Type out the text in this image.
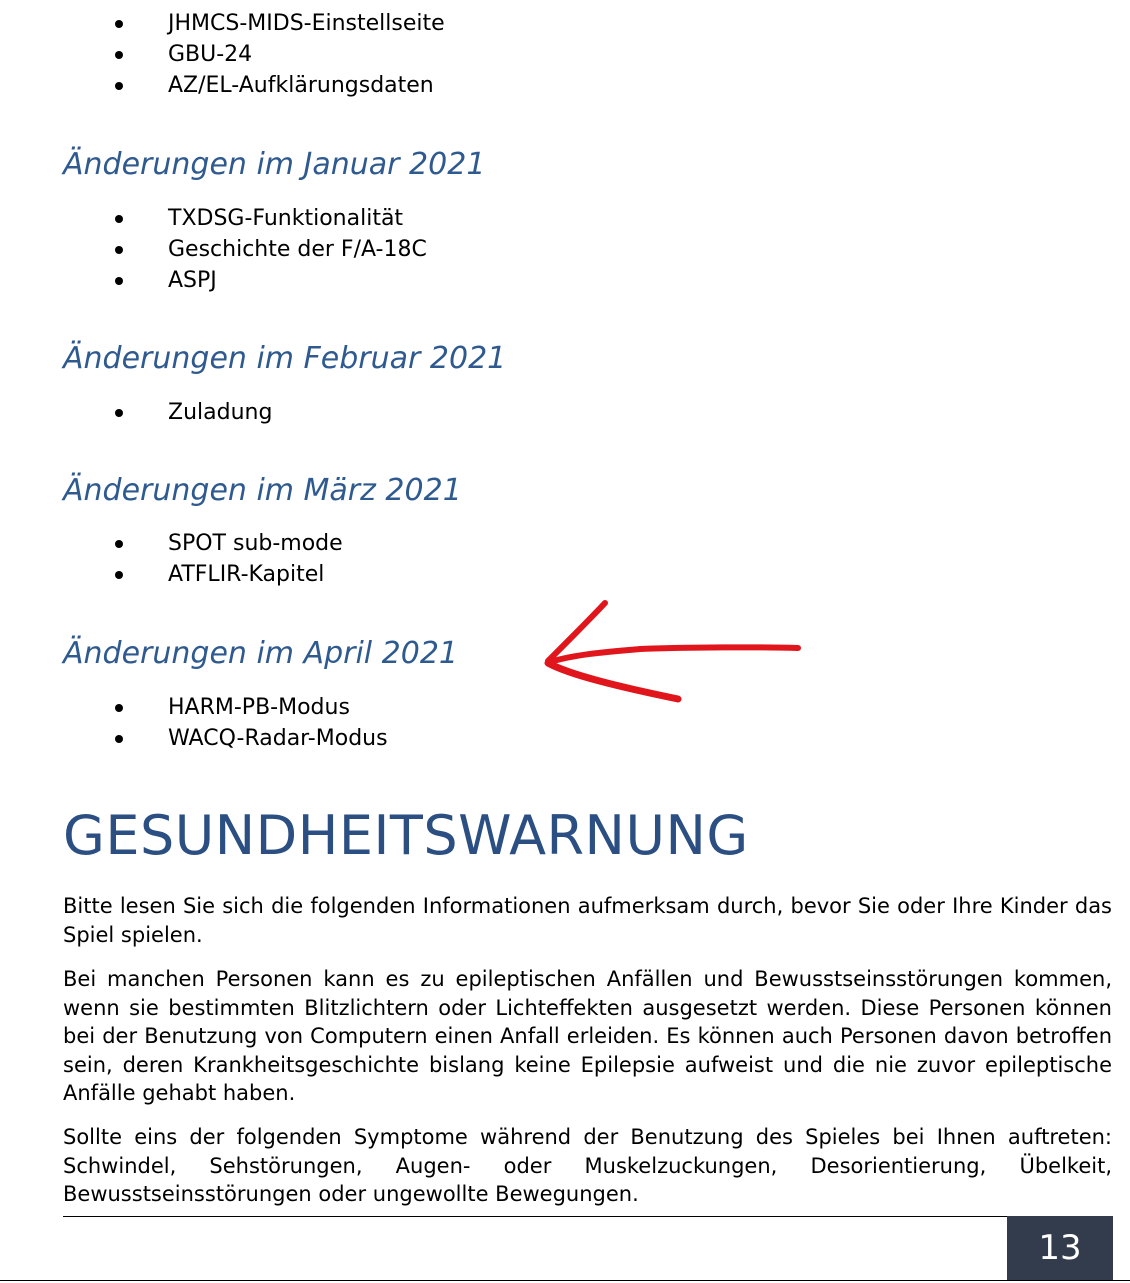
JHMCS-MIDS-Einstellseite
GBU-24
AZ/EL-Aufklärungsdaten
Änderungen im Januar 2021
TXDSG-Funktionalität
Geschichte der F/A-18C
ASPJ
Änderungen im Februar 2021
Zuladung
Änderungen im März 2021
SPOT sub-mode
ATFLIR-Kapitel
Änderungen im April 2021
HARM-PB-Modus
WACQ-Radar-Modus
GESUNDHEITSWARNUNG

Bitte lesen Sie sich die folgenden Informationen aufmerksam durch, bevor Sie oder Ihre Kinder das Spiel spielen.

Bei manchen Personen kann es zu epileptischen Anfällen und Bewusstseinsstörungen kommen, wenn sie bestimmten Blitzlichtern oder Lichteffekten ausgesetzt werden. Diese Personen können bei der Benutzung von Computern einen Anfall erleiden. Es können auch Personen davon betroffen sein, deren Krankheitsgeschichte bislang keine Epilepsie aufweist und die nie zuvor epileptische Anfälle gehabt haben.

Sollte eins der folgenden Symptome während der Benutzung des Spieles bei Ihnen auftreten: Schwindel, Sehstörungen, Augen- oder Muskelzuckungen, Desorientierung, Übelkeit, Bewusstseinsstörungen oder ungewollte Bewegungen.

13
